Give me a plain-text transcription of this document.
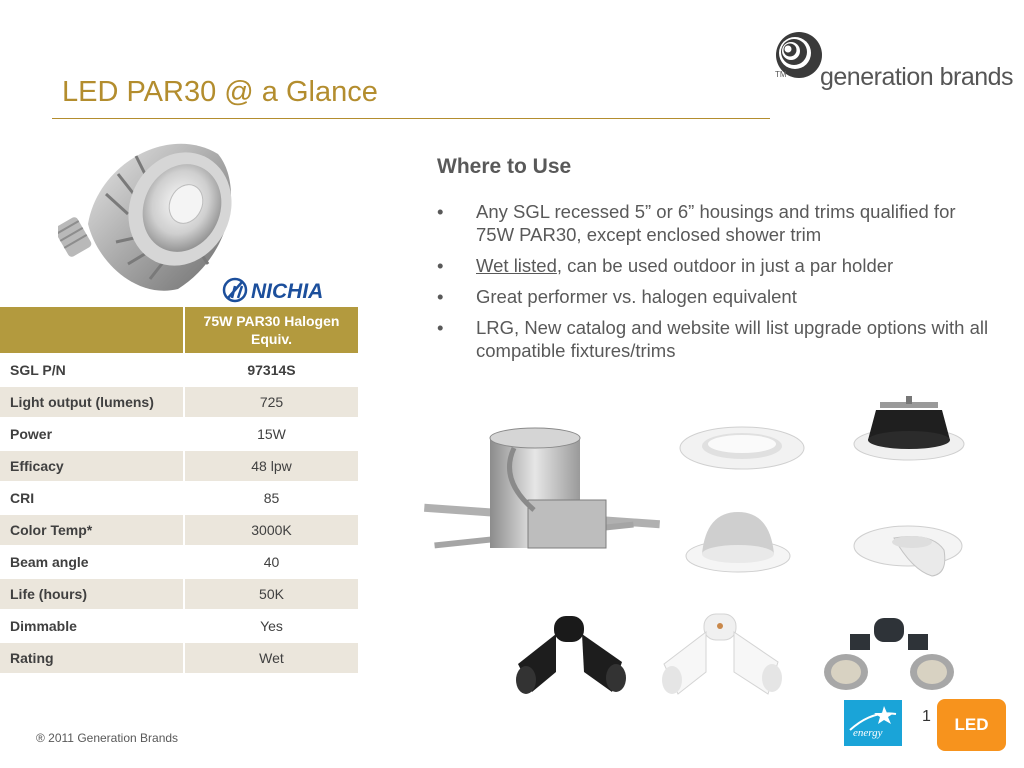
LED PAR30 @ a Glance
TM generation brands
NICHIA
	75W PAR30 Halogen Equiv.
SGL P/N	97314S
Light output (lumens)	725
Power	15W
Efficacy	48 lpw
CRI	85
Color Temp*	3000K
Beam angle	40
Life (hours)	50K
Dimmable	Yes
Rating	Wet
Where to Use
• Any SGL recessed 5” or 6” housings and trims qualified for 75W PAR30, except enclosed shower trim
• Wet listed, can be used outdoor in just a par holder
• Great performer vs. halogen equivalent
• LRG, New catalog and website will list upgrade options with all compatible fixtures/trims
® 2011 Generation Brands	energy
1	LED
